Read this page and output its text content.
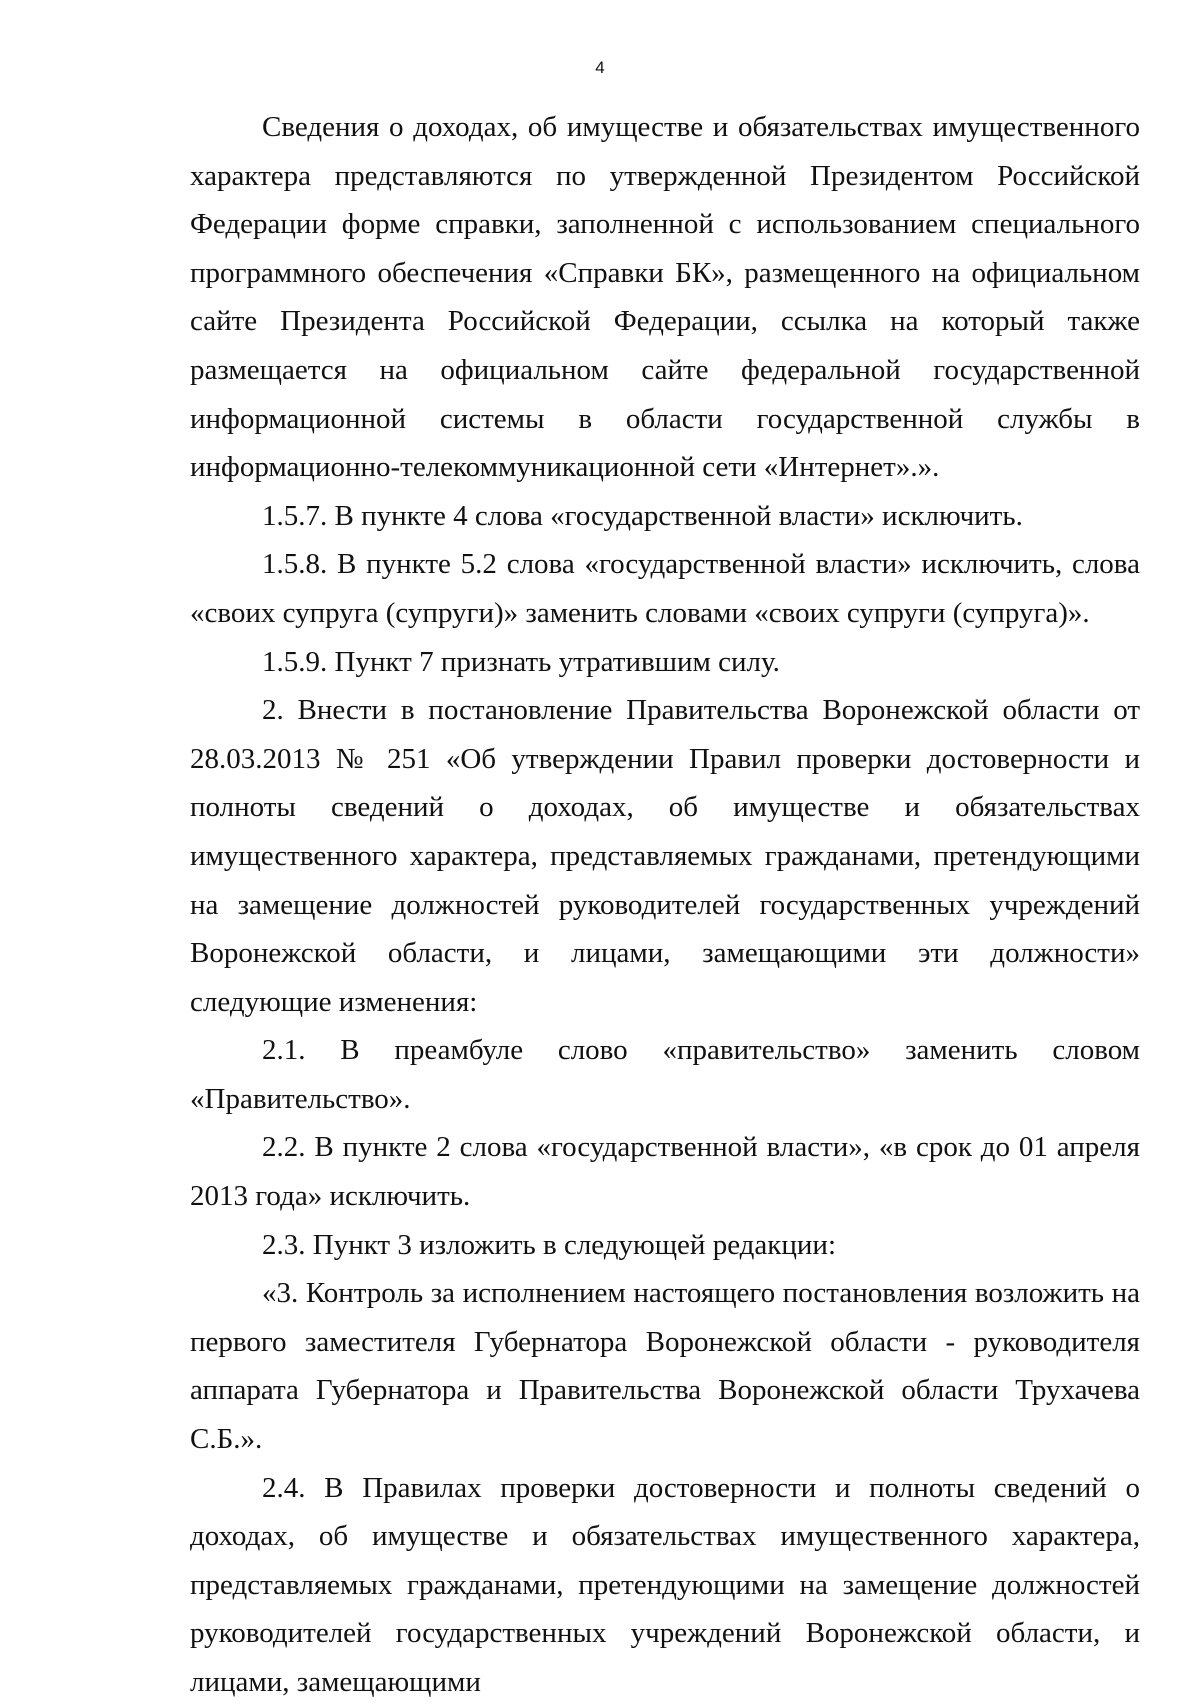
4

Сведения о доходах, об имуществе и обязательствах имущественного характера представляются по утвержденной Президентом Российской Федерации форме справки, заполненной с использованием специального программного обеспечения «Справки БК», размещенного на официальном сайте Президента Российской Федерации, ссылка на который также размещается на официальном сайте федеральной государственной информационной системы в области государственной службы в информационно-телекоммуникационной сети «Интернет».».

1.5.7. В пункте 4 слова «государственной власти» исключить.

1.5.8. В пункте 5.2 слова «государственной власти» исключить, слова «своих супруга (супруги)» заменить словами «своих супруги (супруга)».

1.5.9. Пункт 7 признать утратившим силу.

2. Внести в постановление Правительства Воронежской области от 28.03.2013 № 251 «Об утверждении Правил проверки достоверности и полноты сведений о доходах, об имуществе и обязательствах имущественного характера, представляемых гражданами, претендующими на замещение должностей руководителей государственных учреждений Воронежской области, и лицами, замещающими эти должности» следующие изменения:

2.1. В преамбуле слово «правительство» заменить словом «Правительство».

2.2. В пункте 2 слова «государственной власти», «в срок до 01 апреля 2013 года» исключить.

2.3. Пункт 3 изложить в следующей редакции:

«3. Контроль за исполнением настоящего постановления возложить на первого заместителя Губернатора Воронежской области - руководителя аппарата Губернатора и Правительства Воронежской области Трухачева С.Б.».

2.4. В Правилах проверки достоверности и полноты сведений о доходах, об имуществе и обязательствах имущественного характера, представляемых гражданами, претендующими на замещение должностей руководителей государственных учреждений Воронежской области, и лицами, замещающими
